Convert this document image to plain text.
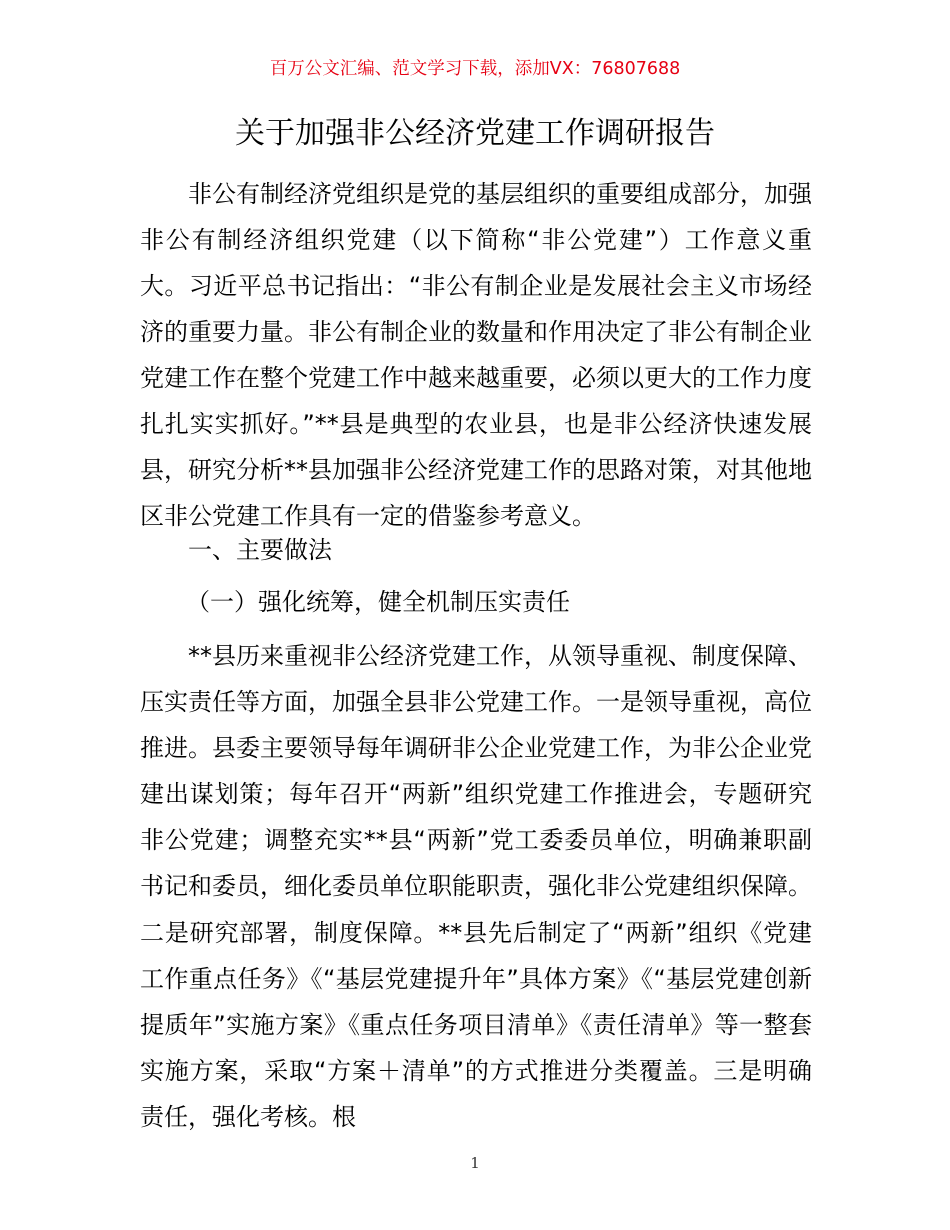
百万公文汇编、范文学习下载，添加VX：76807688
关于加强非公经济党建工作调研报告

非公有制经济党组织是党的基层组织的重要组成部分，加强非公有制经济组织党建（以下简称“非公党建”）工作意义重大。习近平总书记指出：“非公有制企业是发展社会主义市场经济的重要力量。非公有制企业的数量和作用决定了非公有制企业党建工作在整个党建工作中越来越重要，必须以更大的工作力度扎扎实实抓好。”**县是典型的农业县，也是非公经济快速发展县，研究分析**县加强非公经济党建工作的思路对策，对其他地区非公党建工作具有一定的借鉴参考意义。

一、主要做法
（一）强化统筹，健全机制压实责任

**县历来重视非公经济党建工作，从领导重视、制度保障、压实责任等方面，加强全县非公党建工作。一是领导重视，高位推进。县委主要领导每年调研非公企业党建工作，为非公企业党建出谋划策；每年召开“两新”组织党建工作推进会，专题研究非公党建；调整充实**县“两新”党工委委员单位，明确兼职副书记和委员，细化委员单位职能职责，强化非公党建组织保障。二是研究部署，制度保障。**县先后制定了“两新”组织《党建工作重点任务》《“基层党建提升年”具体方案》《“基层党建创新提质年”实施方案》《重点任务项目清单》《责任清单》等一整套实施方案，采取“方案＋清单”的方式推进分类覆盖。三是明确责任，强化考核。根

1
